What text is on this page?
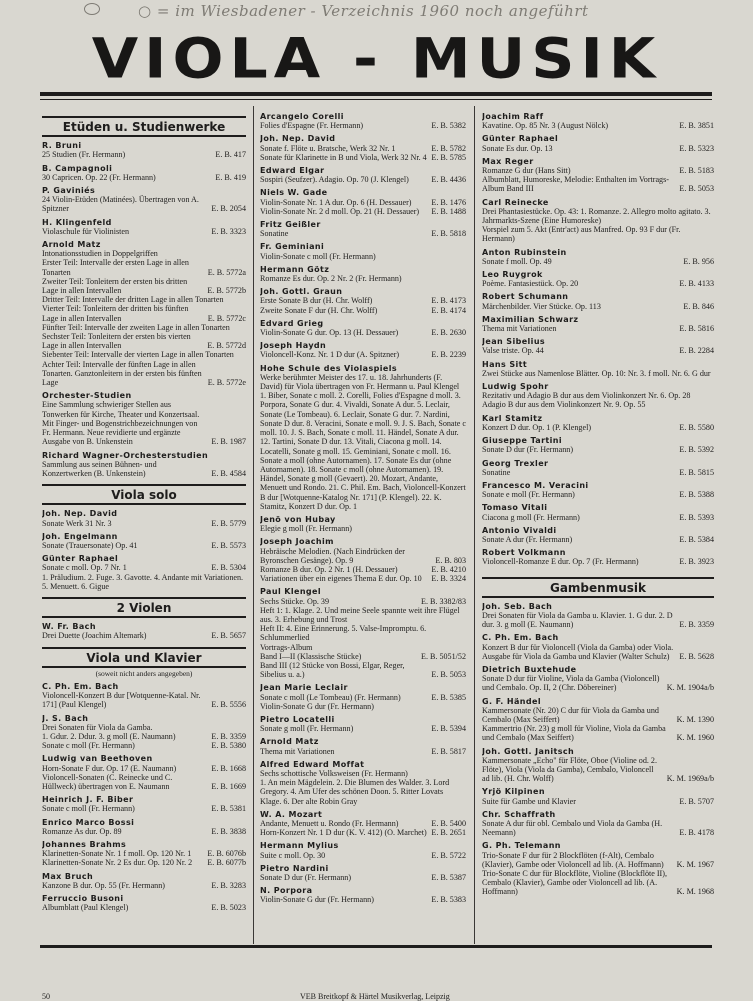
○ = im Wiesbadener - Verzeichnis 1960 noch angeführt
VIOLA - MUSIK
Etüden u. Studienwerke
R. Bruni
25 Studien (Fr. Hermann)	E. B. 417
B. Campagnoli
30 Capricen. Op. 22 (Fr. Hermann)	E. B. 419
P. Gaviniés
24 Violin-Etüden (Matinées). Übertragen von A. Spitzner	E. B. 2054
H. Klingenfeld
Violaschule für Violinisten	E. B. 3323
Arnold Matz
Intonationsstudien in Doppelgriffen
Erster Teil: Intervalle der ersten Lage in allen Tonarten	E. B. 5772a
Zweiter Teil: Tonleitern der ersten bis dritten Lage in allen Intervallen	E. B. 5772b
Dritter Teil: Intervalle der dritten Lage in allen Tonarten
Vierter Teil: Tonleitern der dritten bis fünften Lage in allen Intervallen	E. B. 5772c
Fünfter Teil: Intervalle der zweiten Lage in allen Tonarten
Sechster Teil: Tonleitern der ersten bis vierten Lage in allen Intervallen	E. B. 5772d
Siebenter Teil: Intervalle der vierten Lage in allen Tonarten
Achter Teil: Intervalle der fünften Lage in allen Tonarten. Ganztonleitern in der ersten bis fünften Lage	E. B. 5772e
Orchester-Studien
Eine Sammlung schwieriger Stellen aus Tonwerken für Kirche, Theater und Konzertsaal. Mit Finger- und Bogenstrichbezeichnungen von Fr. Hermann. Neue revidierte und ergänzte Ausgabe von B. Unkenstein	E. B. 1987
Richard Wagner-Orchesterstudien
Sammlung aus seinen Bühnen- und Konzertwerken (B. Unkenstein)	E. B. 4584
Viola solo
Joh. Nep. David
Sonate Werk 31 Nr. 3	E. B. 5779
Joh. Engelmann
Sonate (Trauersonate) Op. 41	E. B. 5573
Günter Raphael
Sonate c moll. Op. 7 Nr. 1	E. B. 5304
1. Präludium. 2. Fuge. 3. Gavotte. 4. Andante mit Variationen. 5. Menuett. 6. Gigue
2 Violen
W. Fr. Bach
Drei Duette (Joachim Altemark)	E. B. 5657
Viola und Klavier
(soweit nicht anders angegeben)
C. Ph. Em. Bach
Violoncell-Konzert B dur [Wotquenne-Katal. Nr. 171] (Paul Klengel)	E. B. 5556
J. S. Bach
Drei Sonaten für Viola da Gamba.
1. Gdur. 2. Ddur. 3. g moll (E. Naumann)	E. B. 3359
Sonate c moll (Fr. Hermann)	E. B. 5380
Ludwig van Beethoven
Horn-Sonate F dur. Op. 17 (E. Naumann)	E. B. 1668
Violoncell-Sonaten (C. Reinecke und C. Hüllweck) übertragen von E. Naumann	E. B. 1669
Heinrich J. F. Biber
Sonate c moll (Fr. Hermann)	E. B. 5381
Enrico Marco Bossi
Romanze As dur. Op. 89	E. B. 3838
Johannes Brahms
Klarinetten-Sonate Nr. 1 f moll. Op. 120 Nr. 1	E. B. 6076b
Klarinetten-Sonate Nr. 2 Es dur. Op. 120 Nr. 2	E. B. 6077b
Max Bruch
Kanzone B dur. Op. 55 (Fr. Hermann)	E. B. 3283
Ferruccio Busoni
Albumblatt (Paul Klengel)	E. B. 5023
Arcangelo Corelli
Folies d'Espagne (Fr. Hermann)	E. B. 5382
Joh. Nep. David
Sonate f. Flöte u. Bratsche, Werk 32 Nr. 1	E. B. 5782
Sonate für Klarinette in B und Viola, Werk 32 Nr. 4 E. B. 5785
Edward Elgar
Sospiri (Seufzer). Adagio. Op. 70 (J. Klengel)	E. B. 4436
Niels W. Gade
Violin-Sonate Nr. 1 A dur. Op. 6 (H. Dessauer)	E. B. 1476
Violin-Sonate Nr. 2 d moll. Op. 21 (H. Dessauer)	E. B. 1488
Fritz Geißler
Sonatine	E. B. 5818
Fr. Geminiani
Violin-Sonate c moll (Fr. Hermann)
Hermann Götz
Romanze Es dur. Op. 2 Nr. 2 (Fr. Hermann)
Joh. Gottl. Graun
Erste Sonate B dur (H. Chr. Wolff)	E. B. 4173
Zweite Sonate F dur (H. Chr. Wolff)	E. B. 4174
Edvard Grieg
Violin-Sonate G dur. Op. 13 (H. Dessauer)	E. B. 2630
Joseph Haydn
Violoncell-Konz. Nr. 1 D dur (A. Spitzner)	E. B. 2239
Hohe Schule des Violaspiels
Werke berühmter Meister des 17. u. 18. Jahrhunderts (F. David) für Viola übertragen von Fr. Hermann u. Paul Klengel
1. Biber, Sonate c moll. 2. Corelli, Folies d'Espagne d moll. 3. Porpora, Sonate G dur. 4. Vivaldi, Sonate A dur. 5. Leclair, Sonate (Le Tombeau). 6. Leclair, Sonate G dur. 7. Nardini, Sonate D dur. 8. Veracini, Sonate e moll. 9. J. S. Bach, Sonate c moll. 10. J. S. Bach, Sonate c moll. 11. Händel, Sonate A dur. 12. Tartini, Sonate D dur. 13. Vitali, Ciacona g moll. 14. Locatelli, Sonate g moll. 15. Geminiani, Sonate c moll. 16. Sonate a moll (ohne Autornamen). 17. Sonate Es dur (ohne Autornamen). 18. Sonate c moll (ohne Autornamen). 19. Händel, Sonate g moll (Gevaert). 20. Mozart, Andante, Menuett und Rondo. 21. C. Phil. Em. Bach, Violoncell-Konzert B dur [Wotquenne-Katalog Nr. 171] (P. Klengel). 22. K. Stamitz, Konzert D dur. Op. 1
Jenö von Hubay
Elegie g moll (Fr. Hermann)
Joseph Joachim
Hebräische Melodien. (Nach Eindrücken der Byronschen Gesänge). Op. 9	E. B. 803
Romanze B dur. Op. 2 Nr. 1 (H. Dessauer)	E. B. 4210
Variationen über ein eigenes Thema E dur. Op. 10	E. B. 3324
Paul Klengel
Sechs Stücke. Op. 39	E. B. 3382/83
Heft 1: 1. Klage. 2. Und meine Seele spannte weit ihre Flügel aus. 3. Erhebung und Trost
Heft II: 4. Eine Erinnerung. 5. Valse-Impromptu. 6. Schlummerlied
Vortrags-Album
Band I—II (Klassische Stücke)	E. B. 5051/52
Band III (12 Stücke von Bossi, Elgar, Reger, Sibelius u. a.)	E. B. 5053
Jean Marie Leclair
Sonate c moll (Le Tombeau) (Fr. Hermann)	E. B. 5385
Violin-Sonate G dur (Fr. Hermann)
Pietro Locatelli
Sonate g moll (Fr. Hermann)	E. B. 5394
Arnold Matz
Thema mit Variationen	E. B. 5817
Alfred Edward Moffat
Sechs schottische Volksweisen (Fr. Hermann)
1. An mein Mägdelein. 2. Die Blumen des Walder. 3. Lord Gregory. 4. Am Ufer des schönen Doon. 5. Ritter Lovats Klage. 6. Der alte Robin Gray
W. A. Mozart
Andante, Menuett u. Rondo (Fr. Hermann)	E. B. 5400
Horn-Konzert Nr. 1 D dur (K. V. 412) (O. Marchet) E. B. 2651
Hermann Mylius
Suite c moll. Op. 30	E. B. 5722
Pietro Nardini
Sonate D dur (Fr. Hermann)	E. B. 5387
N. Porpora
Violin-Sonate G dur (Fr. Hermann)	E. B. 5383
Joachim Raff
Kavatine. Op. 85 Nr. 3 (August Nölck)	E. B. 3851
Günter Raphael
Sonate Es dur. Op. 13	E. B. 5323
Max Reger
Romanze G dur (Hans Sitt)	E. B. 5183
Albumblatt, Humoreske, Melodie: Enthalten im Vortrags-Album Band III	E. B. 5053
Carl Reinecke
Drei Phantasiestücke. Op. 43: 1. Romanze. 2. Allegro molto agitato. 3. Jahrmarkts-Szene (Eine Humoreske)
Vorspiel zum 5. Akt (Entr'act) aus Manfred. Op. 93 F dur (Fr. Hermann)
Anton Rubinstein
Sonate f moll. Op. 49	E. B. 956
Leo Ruygrok
Poème. Fantasiestück. Op. 20	E. B. 4133
Robert Schumann
Märchenbilder. Vier Stücke. Op. 113	E. B. 846
Maximilian Schwarz
Thema mit Variationen	E. B. 5816
Jean Sibelius
Valse triste. Op. 44	E. B. 2284
Hans Sitt
Zwei Stücke aus Namenlose Blätter. Op. 10: Nr. 3. f moll. Nr. 6. G dur
Ludwig Spohr
Rezitativ und Adagio B dur aus dem Violinkonzert Nr. 6. Op. 28
Adagio B dur aus dem Violinkonzert Nr. 9. Op. 55
Karl Stamitz
Konzert D dur. Op. 1 (P. Klengel)	E. B. 5580
Giuseppe Tartini
Sonate D dur (Fr. Hermann)	E. B. 5392
Georg Trexler
Sonatine	E. B. 5815
Francesco M. Veracini
Sonate e moll (Fr. Hermann)	E. B. 5388
Tomaso Vitali
Ciacona g moll (Fr. Hermann)	E. B. 5393
Antonio Vivaldi
Sonate A dur (Fr. Hermann)	E. B. 5384
Robert Volkmann
Violoncell-Romanze E dur. Op. 7 (Fr. Hermann)	E. B. 3923
Gambenmusik
Joh. Seb. Bach
Drei Sonaten für Viola da Gamba u. Klavier. 1. G dur. 2. D dur. 3. g moll (E. Naumann)	E. B. 3359
C. Ph. Em. Bach
Konzert B dur für Violoncell (Viola da Gamba) oder Viola. Ausgabe für Viola da Gamba und Klavier (Walter Schulz)	E. B. 5628
Dietrich Buxtehude
Sonate D dur für Violine, Viola da Gamba (Violoncell) und Cembalo. Op. II, 2 (Chr. Döbereiner)	K. M. 1904a/b
G. F. Händel
Kammersonate (Nr. 20) C dur für Viola da Gamba und Cembalo (Max Seiffert)	K. M. 1390
Kammertrio (Nr. 23) g moll für Violine, Viola da Gamba und Cembalo (Max Seiffert)	K. M. 1960
Joh. Gottl. Janitsch
Kammersonate „Echo" für Flöte, Oboe (Violine od. 2. Flöte), Viola (Viola da Gamba), Cembalo, Violoncell ad lib. (H. Chr. Wolff)	K. M. 1969a/b
Yrjö Kilpinen
Suite für Gambe und Klavier	E. B. 5707
Chr. Schaffrath
Sonate A dur für obl. Cembalo und Viola da Gamba (H. Neemann)	E. B. 4178
G. Ph. Telemann
Trio-Sonate F dur für 2 Blockflöten (f-Alt), Cembalo (Klavier), Gambe oder Violoncell ad lib. (A. Hoffmann)	K. M. 1967
Trio-Sonate C dur für Blockflöte, Violine (Blockflöte II), Cembalo (Klavier), Gambe oder Violoncell ad lib. (A. Hoffmann)	K. M. 1968
50	VEB Breitkopf & Härtel Musikverlag, Leipzig
